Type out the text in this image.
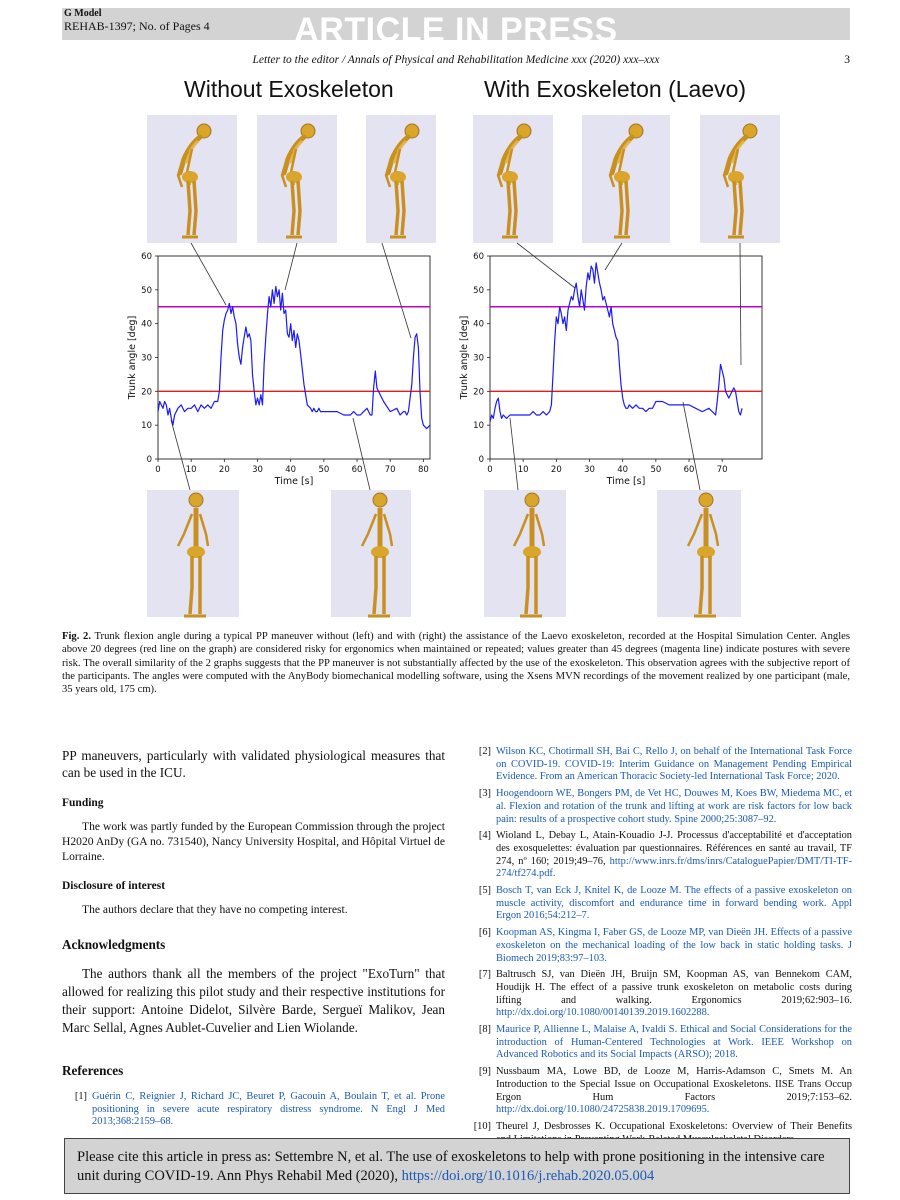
ARTICLE IN PRESS
G Model
REHAB-1397; No. of Pages 4
Letter to the editor / Annals of Physical and Rehabilitation Medicine xxx (2020) xxx–xxx	3
Without Exoskeleton	With Exoskeleton (Laevo)
0
10
20
30
40
50
60
0	10	20	30	40	50	60	70	80
Time [s]
Trunk angle [deg]
0
10
20
30
40
50
60
0	10	20	30	40	50	60	70
Time [s]
Trunk angle [deg]
Fig. 2. Trunk flexion angle during a typical PP maneuver without (left) and with (right) the assistance of the Laevo exoskeleton, recorded at the Hospital Simulation Center. Angles above 20 degrees (red line on the graph) are considered risky for ergonomics when maintained or repeated; values greater than 45 degrees (magenta line) indicate postures with severe risk. The overall similarity of the 2 graphs suggests that the PP maneuver is not substantially affected by the use of the exoskeleton. This observation agrees with the subjective report of the participants. The angles were computed with the AnyBody biomechanical modelling software, using the Xsens MVN recordings of the movement realized by one participant (male, 35 years old, 175 cm).

PP maneuvers, particularly with validated physiological measures that can be used in the ICU.

Funding

The work was partly funded by the European Commission through the project H2020 AnDy (GA no. 731540), Nancy University Hospital, and Hôpital Virtuel de Lorraine.

Disclosure of interest

The authors declare that they have no competing interest.

Acknowledgments

The authors thank all the members of the project "ExoTurn" that allowed for realizing this pilot study and their respective institutions for their support: Antoine Didelot, Silvère Barde, Sergueï Malikov, Jean Marc Sellal, Agnes Aublet-Cuvelier and Lien Wiolande.

References
[1] Guérin C, Reignier J, Richard JC, Beuret P, Gacouin A, Boulain T, et al. Prone positioning in severe acute respiratory distress syndrome. N Engl J Med 2013;368:2159–68.
[2] Wilson KC, Chotirmall SH, Bai C, Rello J, on behalf of the International Task Force on COVID-19. COVID-19: Interim Guidance on Management Pending Empirical Evidence. From an American Thoracic Society-led International Task Force; 2020.
[3] Hoogendoorn WE, Bongers PM, de Vet HC, Douwes M, Koes BW, Miedema MC, et al. Flexion and rotation of the trunk and lifting at work are risk factors for low back pain: results of a prospective cohort study. Spine 2000;25:3087–92.
[4] Wioland L, Debay L, Atain-Kouadio J-J. Processus d'acceptabilité et d'acceptation des exosquelettes: évaluation par questionnaires. Références en santé au travail, TF 274, nº 160; 2019;49–76, http://www.inrs.fr/dms/inrs/CataloguePapier/DMT/TI-TF-274/tf274.pdf.
[5] Bosch T, van Eck J, Knitel K, de Looze M. The effects of a passive exoskeleton on muscle activity, discomfort and endurance time in forward bending work. Appl Ergon 2016;54:212–7.
[6] Koopman AS, Kingma I, Faber GS, de Looze MP, van Dieën JH. Effects of a passive exoskeleton on the mechanical loading of the low back in static holding tasks. J Biomech 2019;83:97–103.
[7] Baltrusch SJ, van Dieën JH, Bruijn SM, Koopman AS, van Bennekom CAM, Houdijk H. The effect of a passive trunk exoskeleton on metabolic costs during lifting and walking. Ergonomics 2019;62:903–16. http://dx.doi.org/10.1080/00140139.2019.1602288.
[8] Maurice P, Allienne L, Malaise A, Ivaldi S. Ethical and Social Considerations for the introduction of Human-Centered Technologies at Work. IEEE Workshop on Advanced Robotics and its Social Impacts (ARSO); 2018.
[9] Nussbaum MA, Lowe BD, de Looze M, Harris-Adamson C, Smets M. An Introduction to the Special Issue on Occupational Exoskeletons. IISE Trans Occup Ergon Hum Factors 2019;7:153–62. http://dx.doi.org/10.1080/24725838.2019.1709695.
[10] Theurel J, Desbrosses K. Occupational Exoskeletons: Overview of Their Benefits
Please cite this article in press as: Settembre N, et al. The use of exoskeletons to help with prone positioning in the intensive care unit during COVID-19. Ann Phys Rehabil Med (2020), https://doi.org/10.1016/j.rehab.2020.05.004
